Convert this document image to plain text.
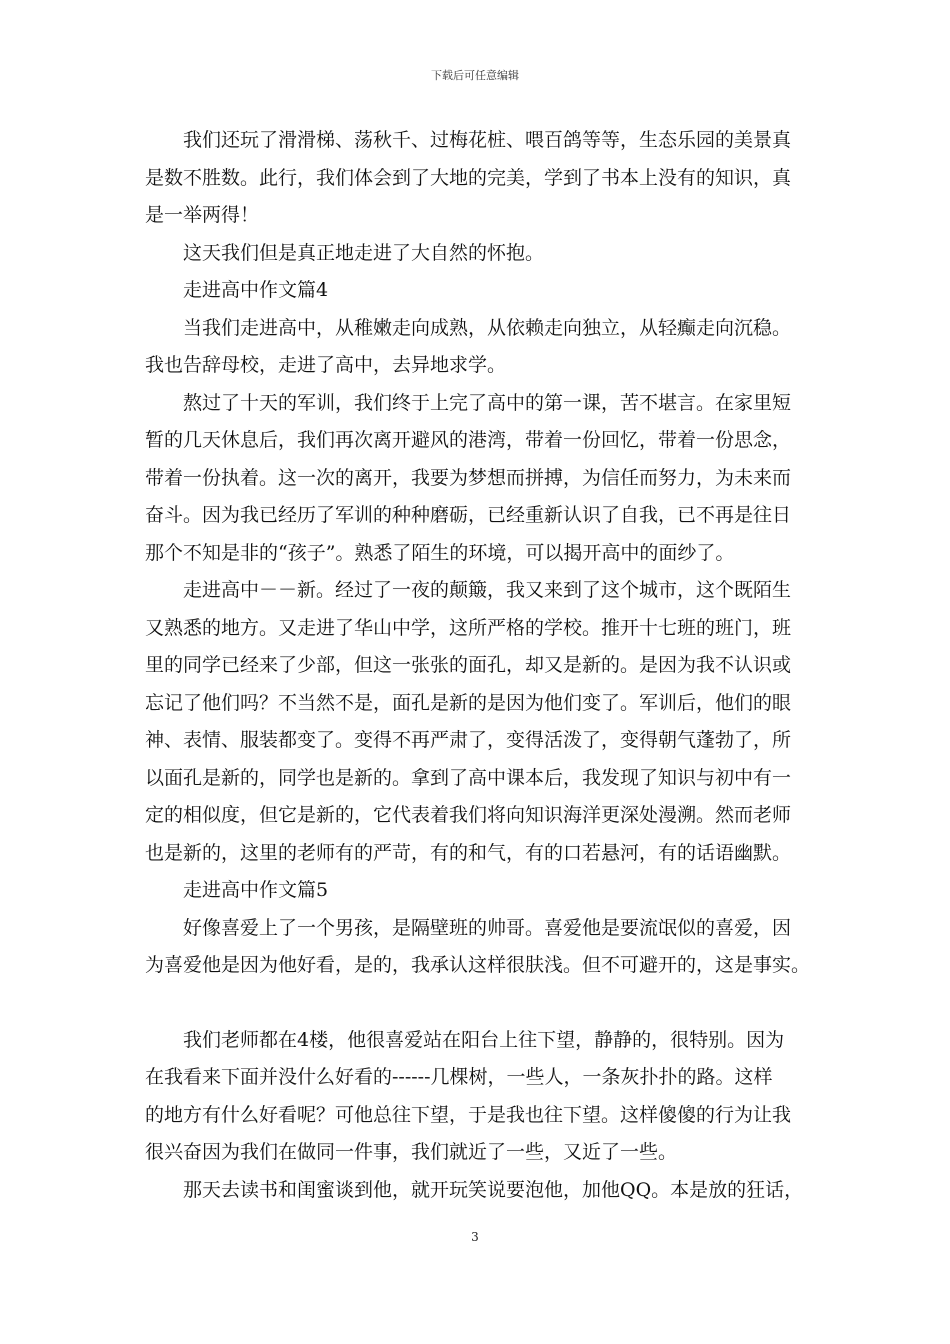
下载后可任意编辑
我们还玩了滑滑梯、荡秋千、过梅花桩、喂百鸽等等，生态乐园的美景真
是数不胜数。此行，我们体会到了大地的完美，学到了书本上没有的知识，真
是一举两得！
这天我们但是真正地走进了大自然的怀抱。
走进高中作文篇4
当我们走进高中，从稚嫩走向成熟，从依赖走向独立，从轻癫走向沉稳。
我也告辞母校，走进了高中，去异地求学。
熬过了十天的军训，我们终于上完了高中的第一课，苦不堪言。在家里短
暂的几天休息后，我们再次离开避风的港湾，带着一份回忆，带着一份思念，
带着一份执着。这一次的离开，我要为梦想而拼搏，为信任而努力，为未来而
奋斗。因为我已经历了军训的种种磨砺，已经重新认识了自我，已不再是往日
那个不知是非的“孩子”。熟悉了陌生的环境，可以揭开高中的面纱了。
走进高中－－新。经过了一夜的颠簸，我又来到了这个城市，这个既陌生
又熟悉的地方。又走进了华山中学，这所严格的学校。推开十七班的班门，班
里的同学已经来了少部，但这一张张的面孔，却又是新的。是因为我不认识或
忘记了他们吗？不当然不是，面孔是新的是因为他们变了。军训后，他们的眼
神、表情、服装都变了。变得不再严肃了，变得活泼了，变得朝气蓬勃了，所
以面孔是新的，同学也是新的。拿到了高中课本后，我发现了知识与初中有一
定的相似度，但它是新的，它代表着我们将向知识海洋更深处漫溯。然而老师
也是新的，这里的老师有的严苛，有的和气，有的口若悬河，有的话语幽默。
走进高中作文篇5
好像喜爱上了一个男孩，是隔壁班的帅哥。喜爱他是要流氓似的喜爱，因
为喜爱他是因为他好看，是的，我承认这样很肤浅。但不可避开的，这是事实。
我们老师都在4楼，他很喜爱站在阳台上往下望，静静的，很特别。因为
在我看来下面并没什么好看的------几棵树，一些人，一条灰扑扑的路。这样
的地方有什么好看呢？可他总往下望，于是我也往下望。这样傻傻的行为让我
很兴奋因为我们在做同一件事，我们就近了一些，又近了一些。
那天去读书和闺蜜谈到他，就开玩笑说要泡他，加他QQ。本是放的狂话，
3
